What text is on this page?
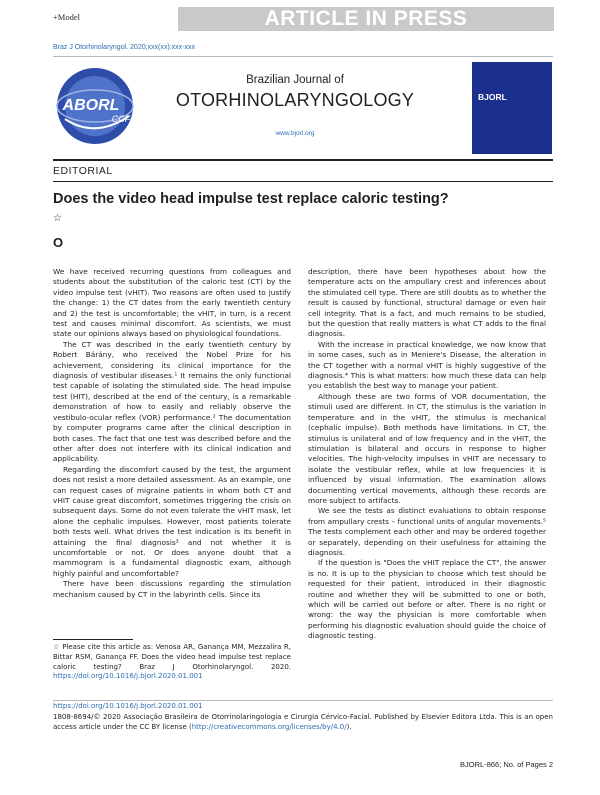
+Model	ARTICLE IN PRESS
Braz J Otorhinolaryngol. 2020;xxx(xx):xxx-xxx
ABORL
CCF
Brazilian Journal of
OTORHINOLARYNGOLOGY
www.bjorl.org
BJORL
EDITORIAL
Does the video head impulse test replace caloric testing?☆
O

We have received recurring questions from colleagues and students about the substitution of the caloric test (CT) by the video impulse test (vHIT). Two reasons are often used to justify the change: 1) the CT dates from the early twentieth century and 2) the test is uncomfortable; the vHIT, in turn, is a recent test and causes minimal discomfort. As scientists, we must state our opinions always based on physiological foundations.

The CT was described in the early twentieth century by Robert Bárány, who received the Nobel Prize for his achievement, considering its clinical importance for the diagnosis of vestibular diseases.¹ It remains the only functional test capable of isolating the stimulated side. The head impulse test (HIT), described at the end of the century, is a remarkable demonstration of how to easily and reliably observe the vestibulo-ocular reflex (VOR) performance.² The documentation by computer programs came after the clinical description in both cases. The fact that one test was described before and the other after does not interfere with its clinical indication and applicability.

Regarding the discomfort caused by the test, the argument does not resist a more detailed assessment. As an example, one can request cases of migraine patients in whom both CT and vHIT cause great discomfort, sometimes triggering the crisis on subsequent days. Some do not even tolerate the vHIT mask, let alone the cephalic impulses. However, most patients tolerate both tests well. What drives the test indication is its benefit in attaining the final diagnosis³ and not whether it is uncomfortable or not. Or does anyone doubt that a mammogram is a fundamental diagnostic exam, although highly painful and uncomfortable?

There have been discussions regarding the stimulation mechanism caused by CT in the labyrinth cells. Since its

description, there have been hypotheses about how the temperature acts on the ampullary crest and inferences about the stimulated cell type. There are still doubts as to whether the result is caused by functional, structural damage or even hair cell integrity. That is a fact, and much remains to be studied, but the question that really matters is what CT adds to the final diagnosis.

With the increase in practical knowledge, we now know that in some cases, such as in Meniere's Disease, the alteration in the CT together with a normal vHIT is highly suggestive of the diagnosis.⁴ This is what matters: how much these data can help you establish the best way to manage your patient.

Although these are two forms of VOR documentation, the stimuli used are different. In CT, the stimulus is the variation in temperature and in the vHIT, the stimulus is mechanical (cephalic impulse). Both methods have limitations. In CT, the stimulus is unilateral and of low frequency and in the vHIT, the stimulation is bilateral and occurs in response to higher velocities. The high-velocity impulses in vHIT are necessary to isolate the vestibular reflex, while at low frequencies it is influenced by visual information. The examination allows documenting vertical movements, although these records are more subject to artifacts.

We see the tests as distinct evaluations to obtain response from ampullary crests – functional units of angular movements.⁵ The tests complement each other and may be ordered together or separately, depending on their usefulness for attaining the diagnosis.

If the question is "Does the vHIT replace the CT", the answer is no. It is up to the physician to choose which test should be requested for their patient, introduced in their diagnostic routine and whether they will be submitted to one or both, which will be carried out before or after. There is no right or wrong: the way the physician is more comfortable when performing his diagnostic evaluation should guide the choice of diagnostic testing.

☆ Please cite this article as: Venosa AR, Ganança MM, Mezzalira R, Bittar RSM, Ganança FF. Does the video head impulse test replace caloric testing? Braz J Otorhinolaryngol. 2020. https://doi.org/10.1016/j.bjorl.2020.01.001
https://doi.org/10.1016/j.bjorl.2020.01.001
1808-8694/© 2020 Associação Brasileira de Otorrinolaringologia e Cirurgia Cérvico-Facial. Published by Elsevier Editora Ltda. This is an open access article under the CC BY license (http://creativecommons.org/licenses/by/4.0/).
BJORL-866; No. of Pages 2
